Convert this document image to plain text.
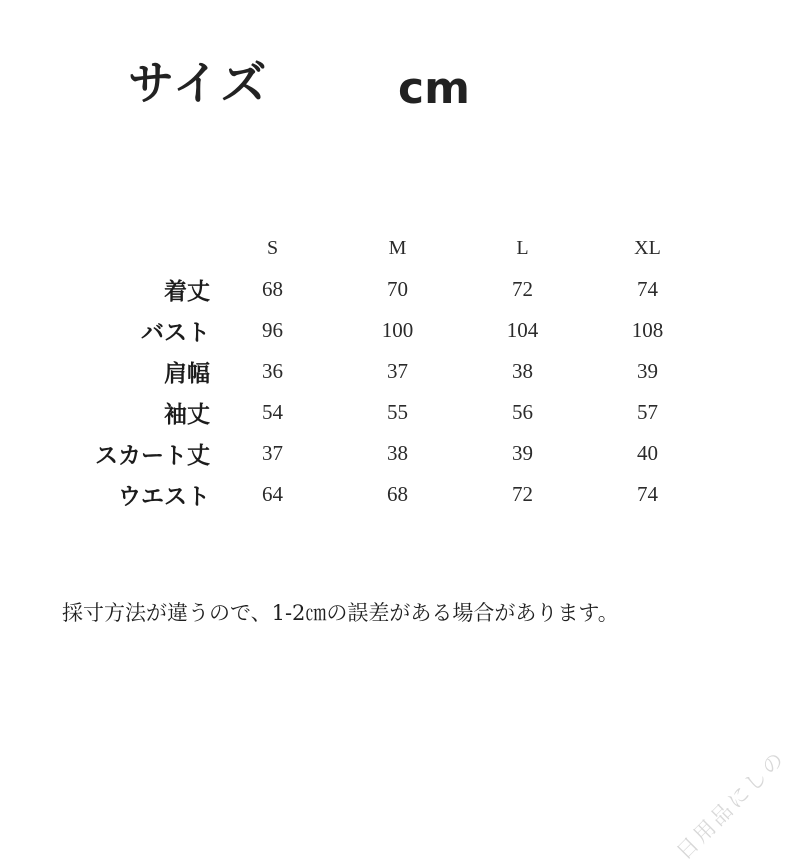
サイズ	cm
	S	M	L	XL
着丈	68	70	72	74
バスト	96	100	104	108
肩幅	36	37	38	39
袖丈	54	55	56	57
スカート丈	37	38	39	40
ウエスト	64	68	72	74
採寸方法が違うので、1-2㎝の誤差がある場合があります。
日用品にしの
